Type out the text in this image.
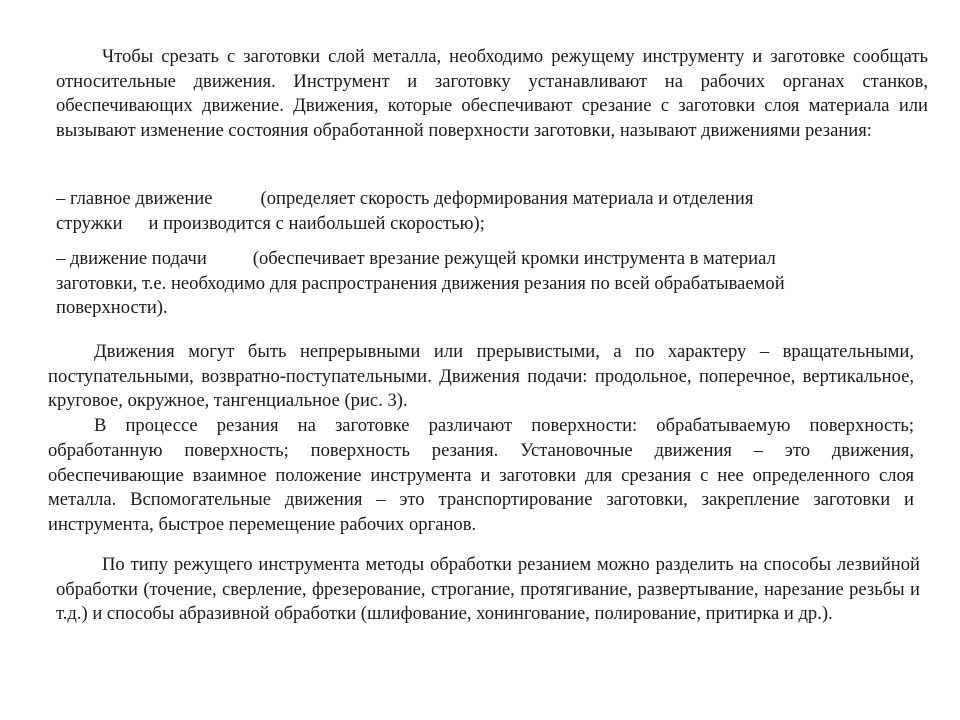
Чтобы срезать с заготовки слой металла, необходимо режущему инструменту и заготовке сообщать относительные движения. Инструмент и заготовку устанавливают на рабочих органах станков, обеспечивающих движение. Движения, которые обеспечивают срезание с заготовки слоя материала или вызывают изменение состояния обработанной поверхности заготовки, называют движениями резания:

– главное движение	(определяет скорость деформирования материала и отделения
стружки и производится с наибольшей скоростью);
– движение подачи (обеспечивает врезание режущей кромки инструмента в материал
заготовки, т.е. необходимо для распространения движения резания по всей обрабатываемой
поверхности).

Движения могут быть непрерывными или прерывистыми, а по характеру – вращательными, поступательными, возвратно-поступательными. Движения подачи: продольное, поперечное, вертикальное, круговое, окружное, тангенциальное (рис. 3).

В процессе резания на заготовке различают поверхности: обрабатываемую поверхность; обработанную поверхность; поверхность резания. Установочные движения – это движения, обеспечивающие взаимное положение инструмента и заготовки для срезания с нее определенного слоя металла. Вспомогательные движения – это транспортирование заготовки, закрепление заготовки и инструмента, быстрое перемещение рабочих органов.

По типу режущего инструмента методы обработки резанием можно разделить на способы лезвийной обработки (точение, сверление, фрезерование, строгание, протягивание, развертывание, нарезание резьбы и т.д.) и способы абразивной обработки (шлифование, хонингование, полирование, притирка и др.).
